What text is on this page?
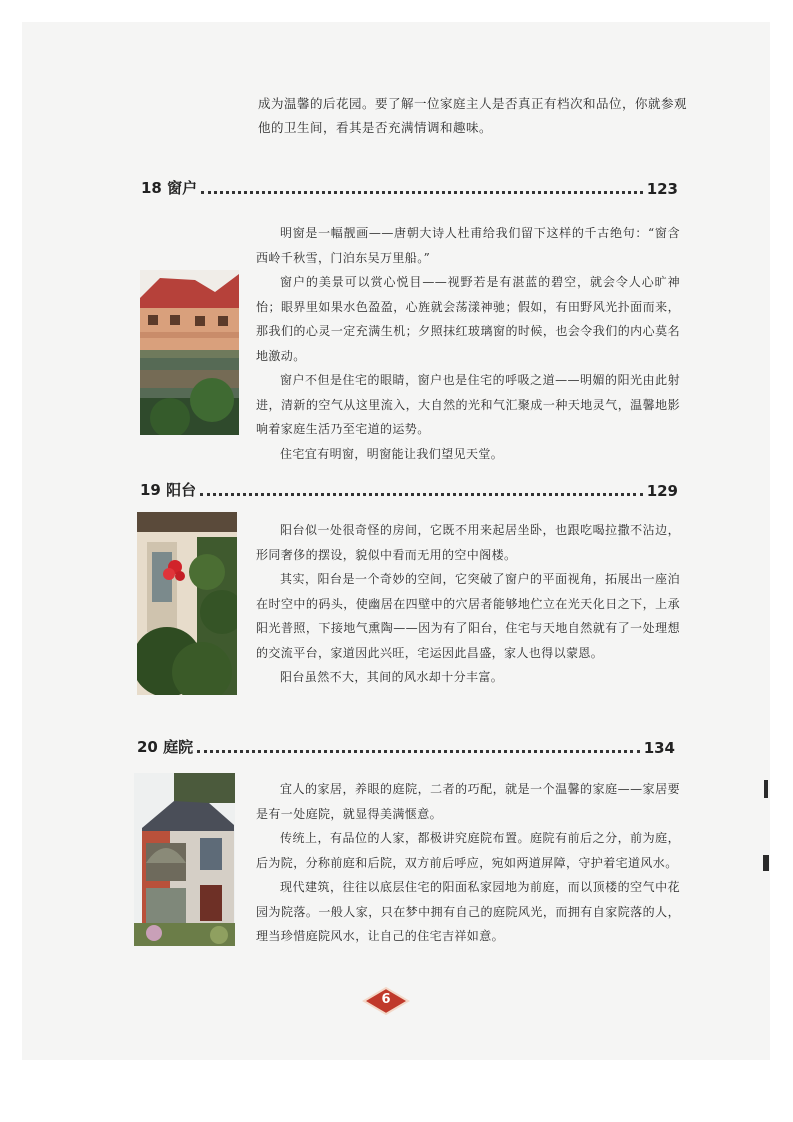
成为温馨的后花园。要了解一位家庭主人是否真正有档次和品位，你就参观他的卫生间，看其是否充满情调和趣味。

18 窗户	123

明窗是一幅靓画——唐朝大诗人杜甫给我们留下这样的千古绝句：“窗含西岭千秋雪，门泊东吴万里船。”

窗户的美景可以赏心悦目——视野若是有湛蓝的碧空，就会令人心旷神怡；眼界里如果水色盈盈，心旌就会荡漾神驰；假如，有田野风光扑面而来，那我们的心灵一定充满生机；夕照抹红玻璃窗的时候，也会令我们的内心莫名地激动。

窗户不但是住宅的眼睛，窗户也是住宅的呼吸之道——明媚的阳光由此射进，清新的空气从这里流入，大自然的光和气汇聚成一种天地灵气，温馨地影响着家庭生活乃至宅道的运势。

住宅宜有明窗，明窗能让我们望见天堂。

19 阳台	129

阳台似一处很奇怪的房间，它既不用来起居坐卧，也跟吃喝拉撒不沾边，形同奢侈的摆设，貌似中看而无用的空中阁楼。

其实，阳台是一个奇妙的空间，它突破了窗户的平面视角，拓展出一座泊在时空中的码头，使幽居在四壁中的穴居者能够地伫立在光天化日之下，上承阳光普照，下接地气熏陶——因为有了阳台，住宅与天地自然就有了一处理想的交流平台，家道因此兴旺，宅运因此昌盛，家人也得以蒙恩。

阳台虽然不大，其间的风水却十分丰富。

20 庭院	134

宜人的家居，养眼的庭院，二者的巧配，就是一个温馨的家庭——家居要是有一处庭院，就显得美满惬意。

传统上，有品位的人家，都极讲究庭院布置。庭院有前后之分，前为庭，后为院，分称前庭和后院，双方前后呼应，宛如两道屏障，守护着宅道风水。

现代建筑，往往以底层住宅的阳面私家园地为前庭，而以顶楼的空气中花园为院落。一般人家，只在梦中拥有自己的庭院风光，而拥有自家院落的人，理当珍惜庭院风水，让自己的住宅吉祥如意。

6
